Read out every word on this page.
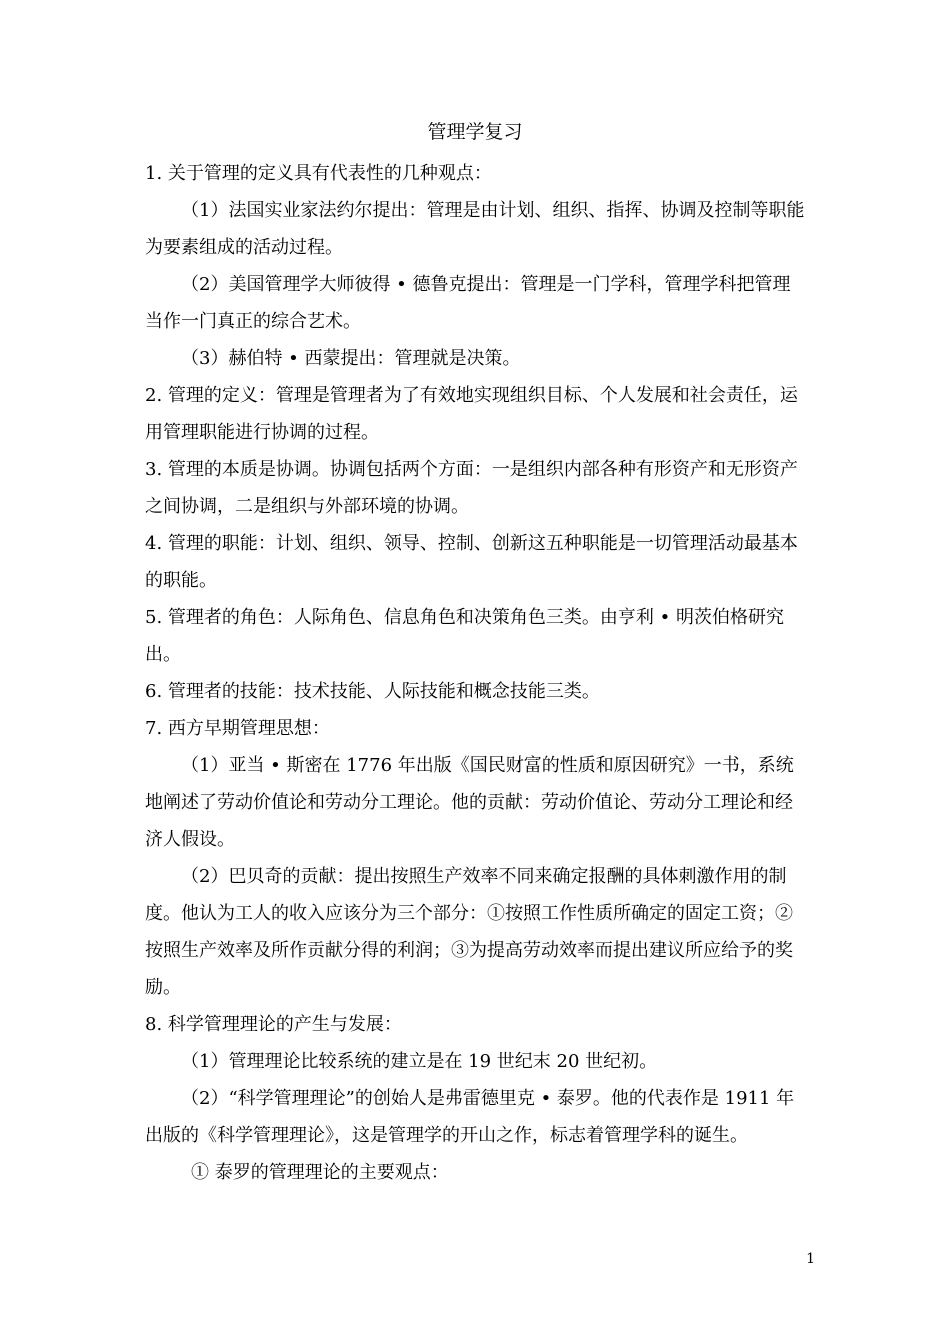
管理学复习

1. 关于管理的定义具有代表性的几种观点：

（1）法国实业家法约尔提出：管理是由计划、组织、指挥、协调及控制等职能为要素组成的活动过程。

（2）美国管理学大师彼得 • 德鲁克提出：管理是一门学科，管理学科把管理当作一门真正的综合艺术。

（3）赫伯特 • 西蒙提出：管理就是决策。

2. 管理的定义：管理是管理者为了有效地实现组织目标、个人发展和社会责任，运用管理职能进行协调的过程。

3. 管理的本质是协调。协调包括两个方面：一是组织内部各种有形资产和无形资产之间协调，二是组织与外部环境的协调。

4. 管理的职能：计划、组织、领导、控制、创新这五种职能是一切管理活动最基本的职能。

5. 管理者的角色：人际角色、信息角色和决策角色三类。由亨利 • 明茨伯格研究出。

6. 管理者的技能：技术技能、人际技能和概念技能三类。

7. 西方早期管理思想：

（1）亚当 • 斯密在 1776 年出版《国民财富的性质和原因研究》一书，系统地阐述了劳动价值论和劳动分工理论。他的贡献：劳动价值论、劳动分工理论和经济人假设。

（2）巴贝奇的贡献：提出按照生产效率不同来确定报酬的具体刺激作用的制度。他认为工人的收入应该分为三个部分：①按照工作性质所确定的固定工资；②按照生产效率及所作贡献分得的利润；③为提高劳动效率而提出建议所应给予的奖励。

8. 科学管理理论的产生与发展：

（1）管理理论比较系统的建立是在 19 世纪末 20 世纪初。

（2）“科学管理理论”的创始人是弗雷德里克 • 泰罗。他的代表作是 1911 年出版的《科学管理理论》，这是管理学的开山之作，标志着管理学科的诞生。

① 泰罗的管理理论的主要观点：

1
